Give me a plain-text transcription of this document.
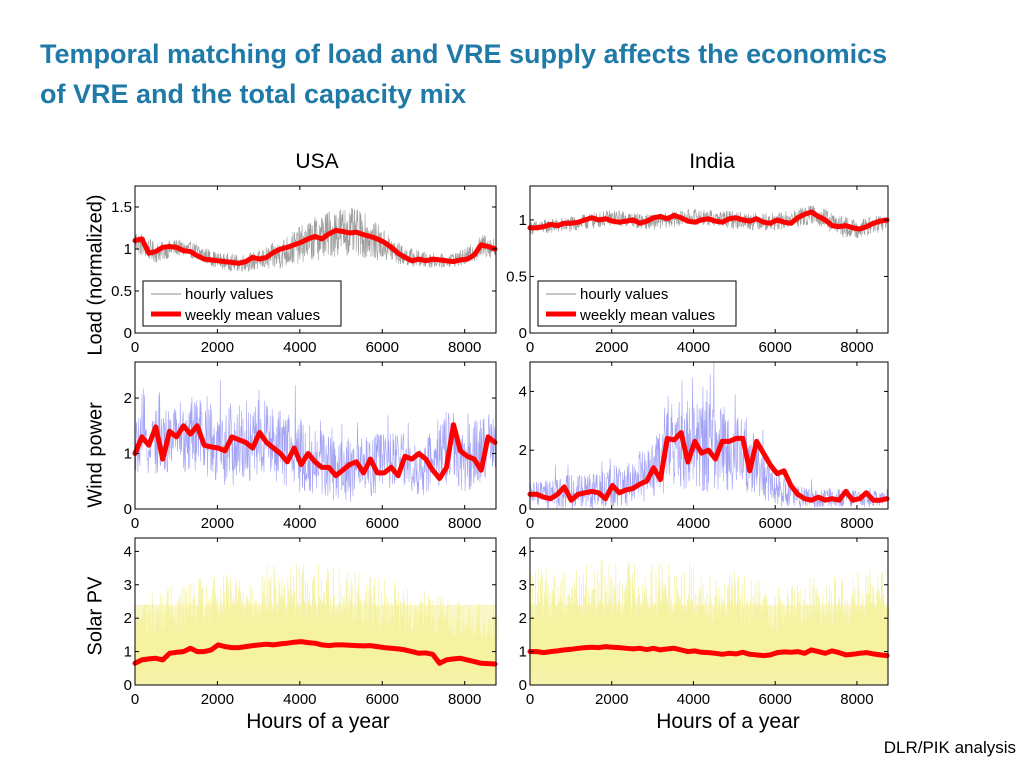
Temporal matching of load and VRE supply affects the economics
of VRE and the total capacity mix
USA	India
Load (normalized)
Wind power
Solar PV
0	2000	4000	6000	8000
0
0.5
1
1.5
hourly values
weekly mean values
0	2000	4000	6000	8000
0
0.5
1
hourly values
weekly mean values
0	2000	4000	6000	8000
0
1
2
0	2000	4000	6000	8000
0
2
4
0	2000	4000	6000	8000
0
1
2
3
4
0	2000	4000	6000	8000
0
1
2
3
4
Hours of a year	Hours of a year
DLR/PIK analysis
